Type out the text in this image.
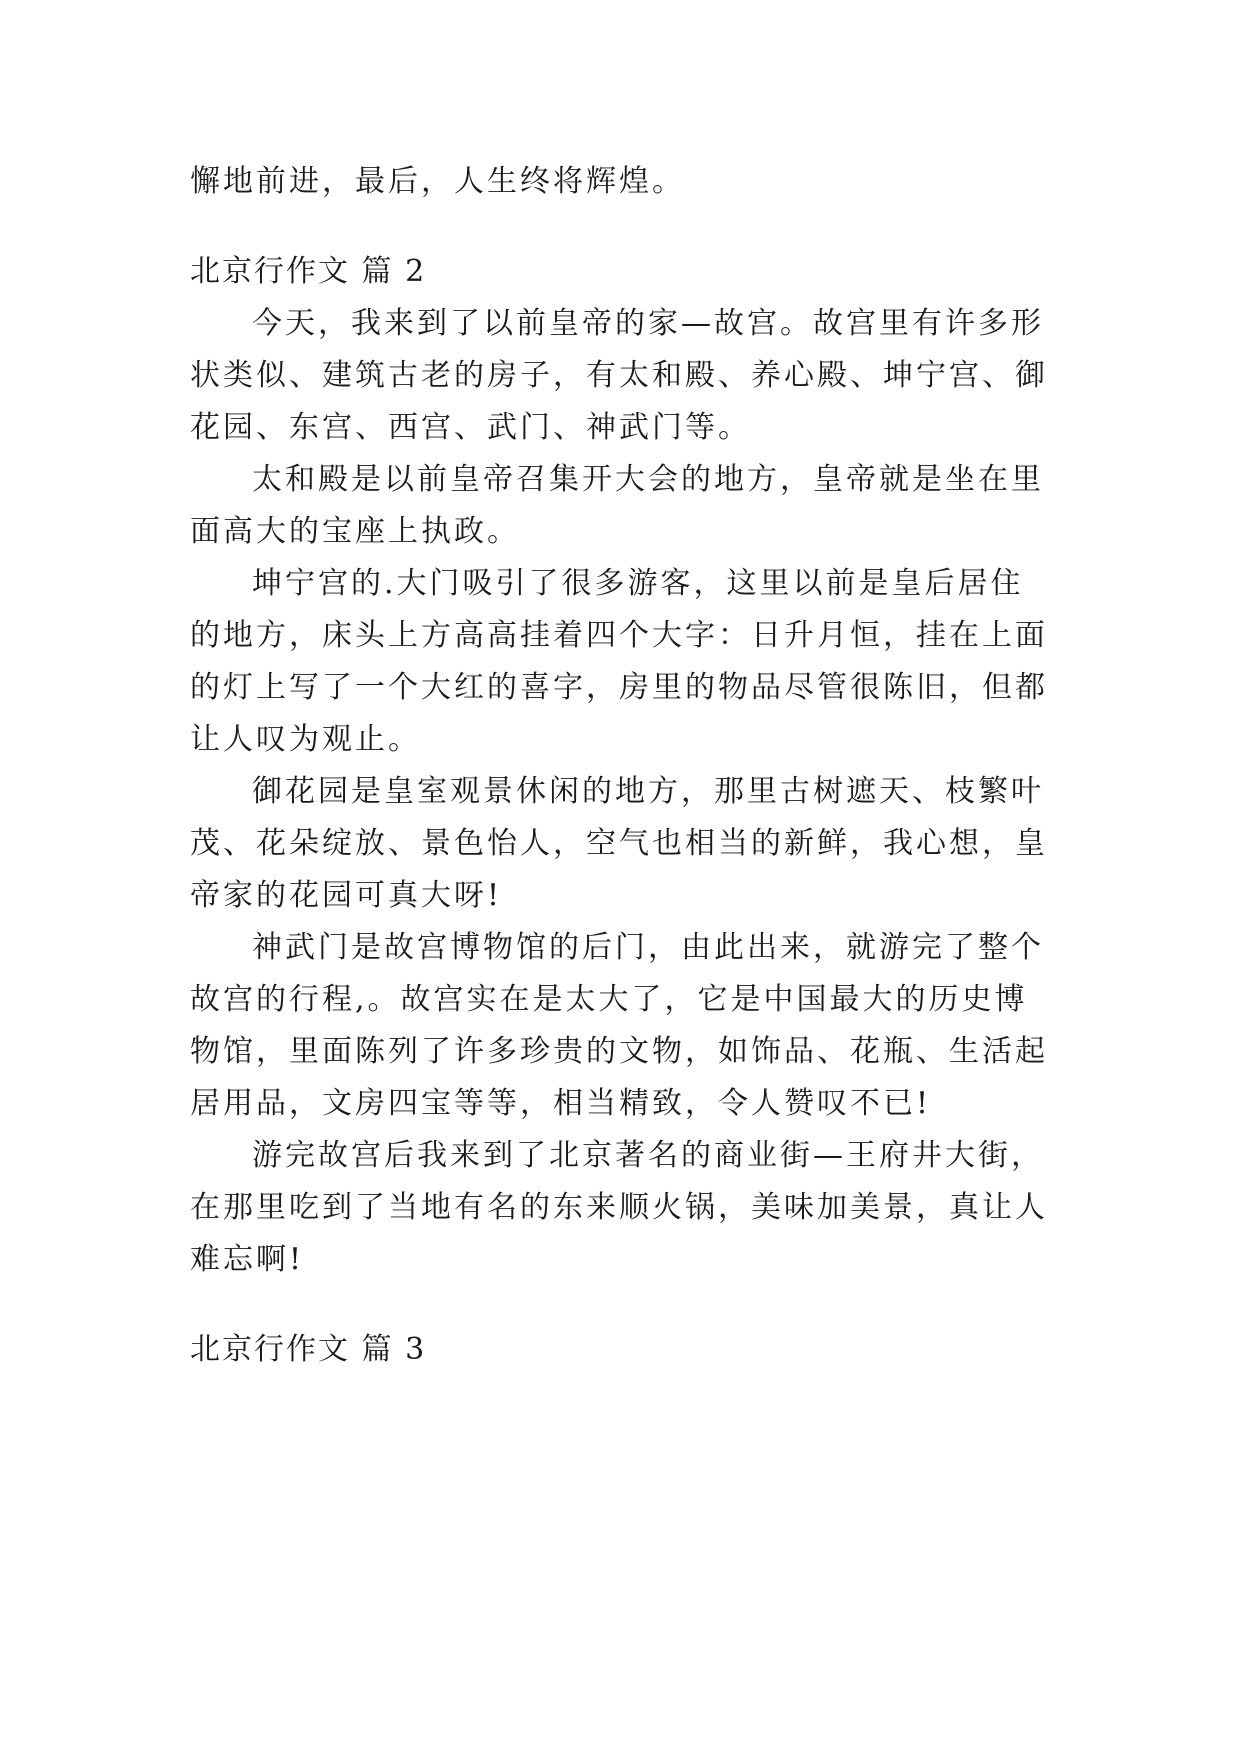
懈地前进，最后，人生终将辉煌。
北京行作文 篇 2
今天，我来到了以前皇帝的家—故宫。故宫里有许多形
状类似、建筑古老的房子，有太和殿、养心殿、坤宁宫、御
花园、东宫、西宫、武门、神武门等。
太和殿是以前皇帝召集开大会的地方，皇帝就是坐在里
面高大的宝座上执政。
坤宁宫的.大门吸引了很多游客，这里以前是皇后居住
的地方，床头上方高高挂着四个大字：日升月恒，挂在上面
的灯上写了一个大红的喜字，房里的物品尽管很陈旧，但都
让人叹为观止。
御花园是皇室观景休闲的地方，那里古树遮天、枝繁叶
茂、花朵绽放、景色怡人，空气也相当的新鲜，我心想，皇
帝家的花园可真大呀!
神武门是故宫博物馆的后门，由此出来，就游完了整个
故宫的行程,。故宫实在是太大了，它是中国最大的历史博
物馆，里面陈列了许多珍贵的文物，如饰品、花瓶、生活起
居用品，文房四宝等等，相当精致，令人赞叹不已!
游完故宫后我来到了北京著名的商业街—王府井大街，
在那里吃到了当地有名的东来顺火锅，美味加美景，真让人
难忘啊!
北京行作文 篇 3
